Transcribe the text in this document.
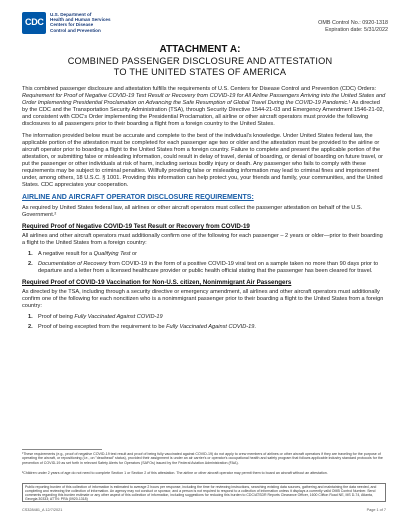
CDC
U.S. Department of
Health and Human Services
Centers for Disease
Control and Prevention
OMB Control No.: 0920-1318
Expiration date: 5/31/2022
ATTACHMENT A:
COMBINED PASSENGER DISCLOSURE AND ATTESTATION
TO THE UNITED STATES OF AMERICA

This combined passenger disclosure and attestation fulfills the requirements of U.S. Centers for Disease Control and Prevention (CDC) Orders: Requirement for Proof of Negative COVID-19 Test Result or Recovery from COVID-19 for All Airline Passengers Arriving into the United States and Order Implementing Presidential Proclamation on Advancing the Safe Resumption of Global Travel During the COVID-19 Pandemic.¹ As directed by the CDC and the Transportation Security Administration (TSA), through Security Directive 1544-21-03 and Emergency Amendment 1546-21-02, and consistent with CDC's Order implementing the Presidential Proclamation, all airline or other aircraft operators must provide the following disclosures to all passengers prior to their boarding a flight from a foreign country to the United States.

The information provided below must be accurate and complete to the best of the individual's knowledge. Under United States federal law, the applicable portion of the attestation must be completed for each passenger age two or older and the attestation must be provided to the airline or aircraft operator prior to boarding a flight to the United States from a foreign country. Failure to complete and present the applicable portion of the attestation, or submitting false or misleading information, could result in delay of travel, denial of boarding, or denial of boarding on future travel, or put the passenger or other individuals at risk of harm, including serious bodily injury or death. Any passenger who fails to comply with these requirements may be subject to criminal penalties. Willfully providing false or misleading information may lead to criminal fines and imprisonment under, among others, 18 U.S.C. § 1001. Providing this information can help protect you, your friends and family, your communities, and the United States. CDC appreciates your cooperation.

AIRLINE AND AIRCRAFT OPERATOR DISCLOSURE REQUIREMENTS:

As required by United States federal law, all airlines or other aircraft operators must collect the passenger attestation on behalf of the U.S. Government.²

Required Proof of Negative COVID-19 Test Result or Recovery from COVID-19

All airlines and other aircraft operators must additionally confirm one of the following for each passenger – 2 years or older—prior to their boarding a flight to the United States from a foreign country:

1. A negative result for a Qualifying Test or
2. Documentation of Recovery from COVID-19 in the form of a positive COVID-19 viral test on a sample taken no more than 90 days prior to departure and a letter from a licensed healthcare provider or public health official stating that the passenger has been cleared for travel.
Required Proof of COVID-19 Vaccination for Non-U.S. citizen, Nonimmigrant Air Passengers

As directed by the TSA, including through a security directive or emergency amendment, all airlines and other aircraft operators must additionally confirm one of the following for each noncitizen who is a nonimmigrant passenger prior to their boarding a flight to the United States from a foreign country:

1. Proof of being Fully Vaccinated Against COVID-19
2. Proof of being excepted from the requirement to be Fully Vaccinated Against COVID-19.
¹These requirements (e.g., proof of negative COVID-19 test result and proof of being fully vaccinated against COVID-19) do not apply to crew members of airlines or other aircraft operators if they are traveling for the purpose of operating the aircraft, or repositioning (i.e., on "deadhead" status), provided their assignment is under an air carrier's or operator's occupational health and safety program that follows applicable industry standard protocols for the prevention of COVID-19 as set forth in relevant Safety Alerts for Operators (SAFOs) issued by the Federal Aviation Administration (FAA).
²Children under 2 years of age do not need to complete Section 1 or Section 2 of this attestation. The airline or other aircraft operator may permit them to board an aircraft without an attestation.
Public reporting burden of this collection of information is estimated to average 2 hours per response, including the time for reviewing instructions, searching existing data sources, gathering and maintaining the data needed, and completing and reviewing the collection of information. An agency may not conduct or sponsor, and a person is not required to respond to a collection of information unless it displays a currently valid OMB Control Number. Send comments regarding this burden estimate or any other aspect of this collection of information, including suggestions for reducing this burden to CDC/ATSDR Reports Clearance Officer, 1600 Clifton Road NE, MS D-74, Atlanta, Georgia 30333; ATTN: PRA (0920-1318)
CS328481_A 12/7/2021	Page 1 of 7
